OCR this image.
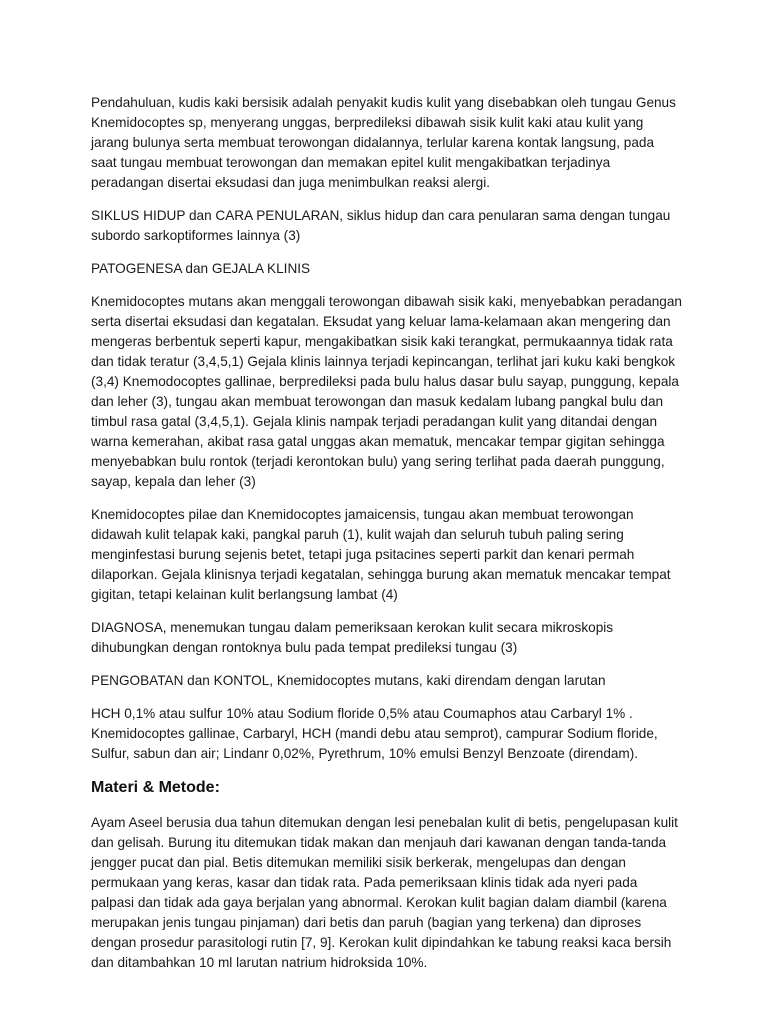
Pendahuluan, kudis kaki bersisik adalah penyakit kudis kulit yang disebabkan oleh tungau Genus Knemidocoptes sp, menyerang unggas, berpredileksi dibawah sisik kulit kaki atau kulit yang jarang bulunya serta membuat terowongan didalannya, terlular karena kontak langsung, pada saat tungau membuat terowongan dan memakan epitel kulit mengakibatkan terjadinya peradangan disertai eksudasi dan juga menimbulkan reaksi alergi.

SIKLUS HIDUP dan CARA PENULARAN, siklus hidup dan cara penularan sama dengan tungau subordo sarkoptiformes lainnya (3)

PATOGENESA dan GEJALA KLINIS

Knemidocoptes mutans akan menggali terowongan dibawah sisik kaki, menyebabkan peradangan serta disertai eksudasi dan kegatalan. Eksudat yang keluar lama-kelamaan akan mengering dan mengeras berbentuk seperti kapur, mengakibatkan sisik kaki terangkat, permukaannya tidak rata dan tidak teratur (3,4,5,1) Gejala klinis lainnya terjadi kepincangan, terlihat jari kuku kaki bengkok (3,4) Knemodocoptes gallinae, berpredileksi pada bulu halus dasar bulu sayap, punggung, kepala dan leher (3), tungau akan membuat terowongan dan masuk kedalam lubang pangkal bulu dan timbul rasa gatal (3,4,5,1). Gejala klinis nampak terjadi peradangan kulit yang ditandai dengan warna kemerahan, akibat rasa gatal unggas akan mematuk, mencakar tempar gigitan sehingga menyebabkan bulu rontok (terjadi kerontokan bulu) yang sering terlihat pada daerah punggung, sayap, kepala dan leher (3)

Knemidocoptes pilae dan Knemidocoptes jamaicensis, tungau akan membuat terowongan didawah kulit telapak kaki, pangkal paruh (1), kulit wajah dan seluruh tubuh paling sering menginfestasi burung sejenis betet, tetapi juga psitacines seperti parkit dan kenari permah dilaporkan. Gejala klinisnya terjadi kegatalan, sehingga burung akan mematuk mencakar tempat gigitan, tetapi kelainan kulit berlangsung lambat (4)

DIAGNOSA, menemukan tungau dalam pemeriksaan kerokan kulit secara mikroskopis dihubungkan dengan rontoknya bulu pada tempat predileksi tungau (3)

PENGOBATAN dan KONTOL, Knemidocoptes mutans, kaki direndam dengan larutan

HCH 0,1% atau sulfur 10% atau Sodium floride 0,5% atau Coumaphos atau Carbaryl 1% . Knemidocoptes gallinae, Carbaryl, HCH (mandi debu atau semprot), campurar Sodium floride, Sulfur, sabun dan air; Lindanr 0,02%, Pyrethrum, 10% emulsi Benzyl Benzoate (direndam).

Materi & Metode:

Ayam Aseel berusia dua tahun ditemukan dengan lesi penebalan kulit di betis, pengelupasan kulit dan gelisah. Burung itu ditemukan tidak makan dan menjauh dari kawanan dengan tanda-tanda jengger pucat dan pial. Betis ditemukan memiliki sisik berkerak, mengelupas dan dengan permukaan yang keras, kasar dan tidak rata. Pada pemeriksaan klinis tidak ada nyeri pada palpasi dan tidak ada gaya berjalan yang abnormal. Kerokan kulit bagian dalam diambil (karena merupakan jenis tungau pinjaman) dari betis dan paruh (bagian yang terkena) dan diproses dengan prosedur parasitologi rutin [7, 9]. Kerokan kulit dipindahkan ke tabung reaksi kaca bersih dan ditambahkan 10 ml larutan natrium hidroksida 10%.
